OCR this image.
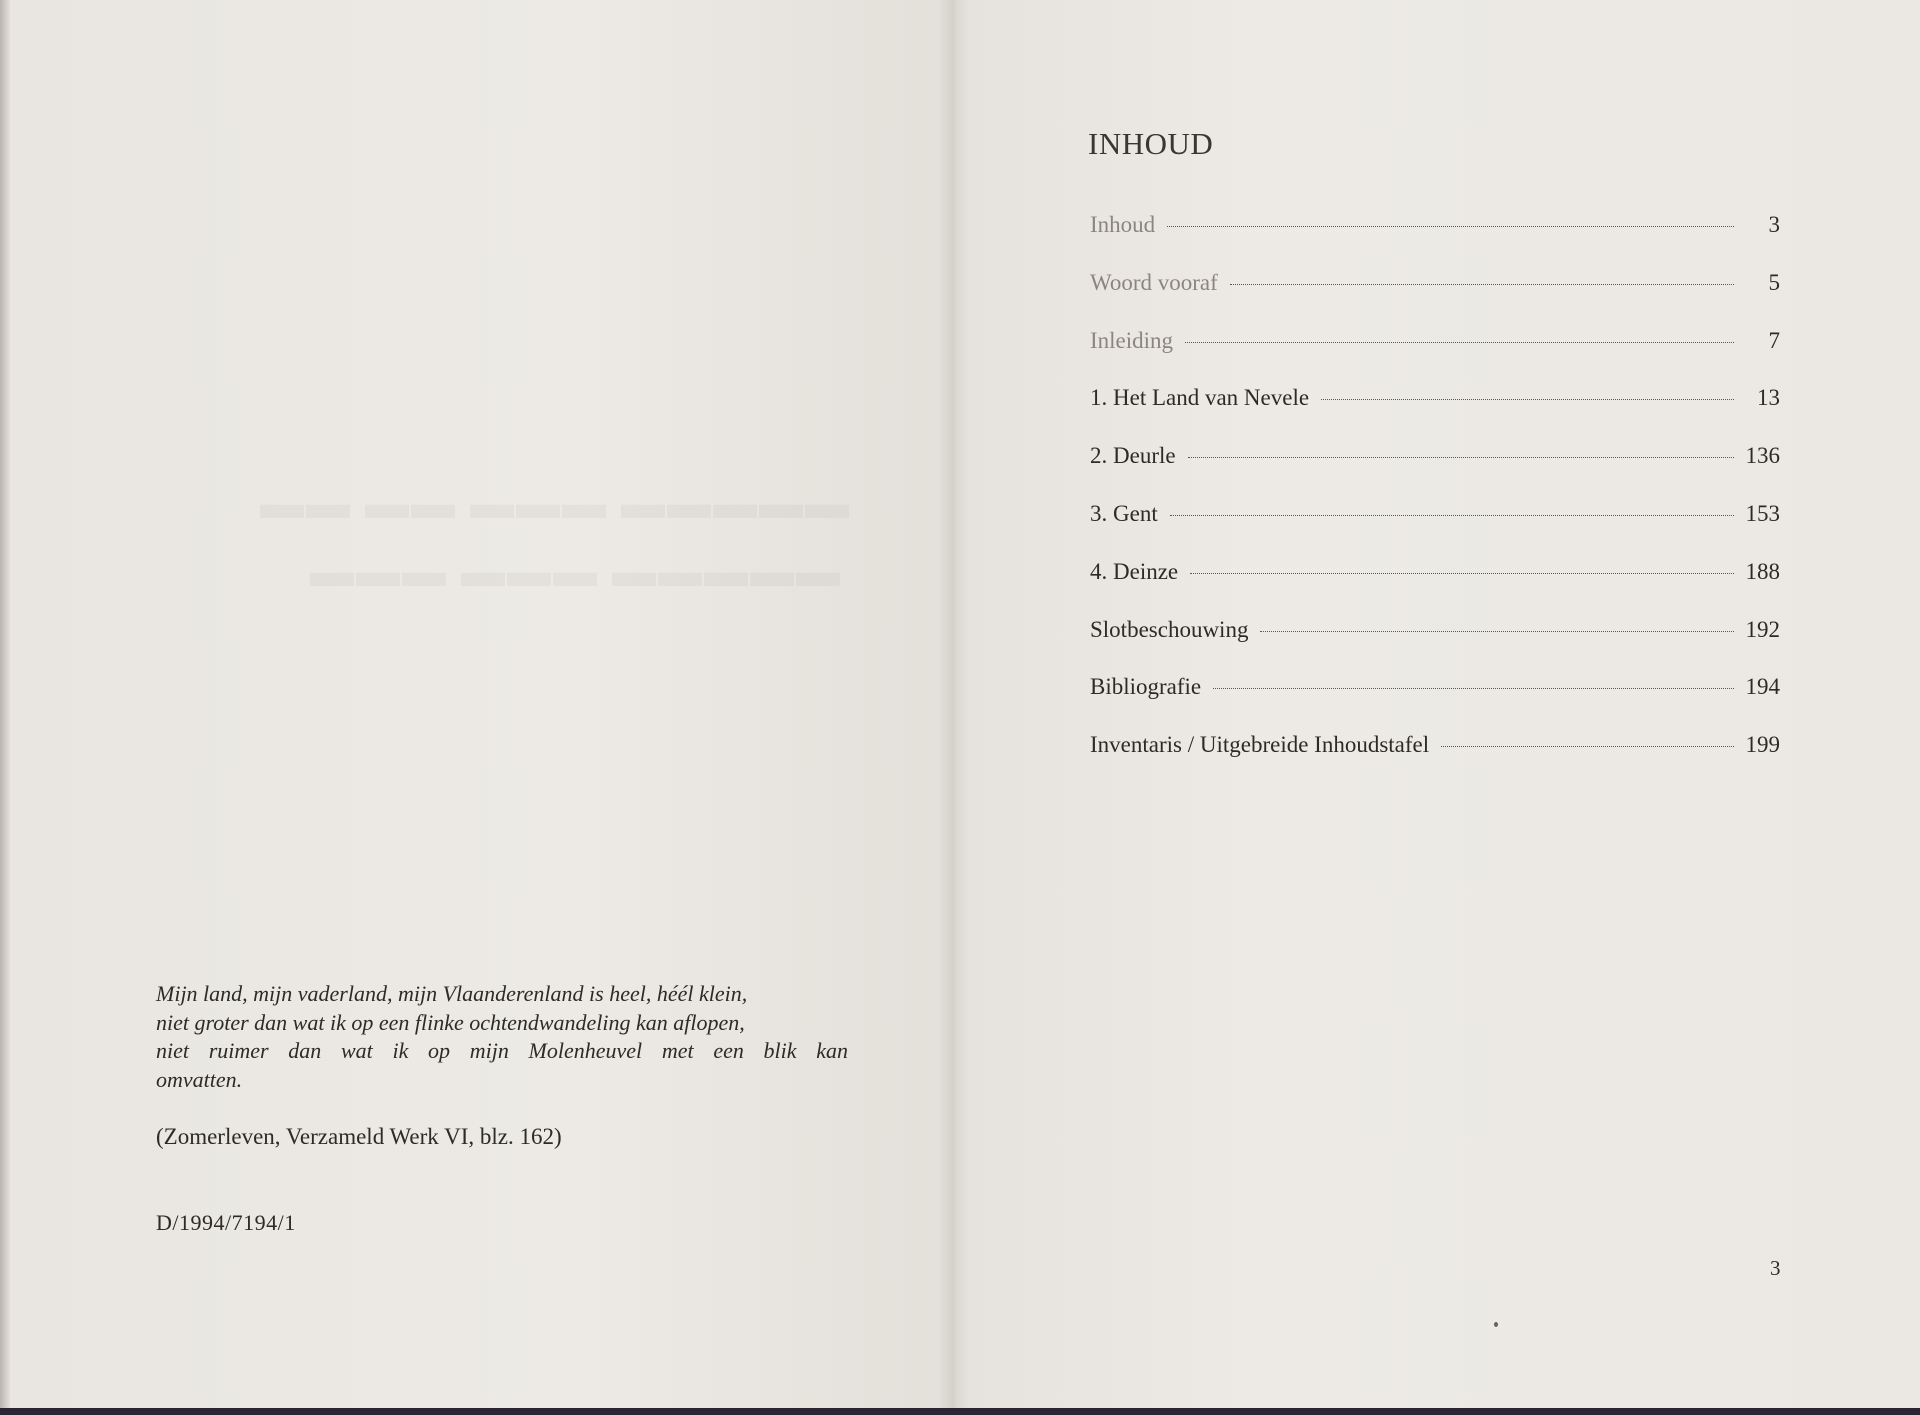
▬▬ ▬▬ ▬▬▬ ▬▬▬▬▬
▬▬▬ ▬▬▬ ▬▬▬▬▬

Mijn land, mijn vaderland, mijn Vlaanderenland is heel, héél klein,

niet groter dan wat ik op een flinke ochtendwandeling kan aflopen,

niet ruimer dan wat ik op mijn Molenheuvel met een blik kan

omvatten.

(Zomerleven, Verzameld Werk VI, blz. 162)
D/1994/7194/1
INHOUD
Inhoud	3
Woord vooraf	5
Inleiding	7
1. Het Land van Nevele	13
2. Deurle	136
3. Gent	153
4. Deinze	188
Slotbeschouwing	192
Bibliografie	194
Inventaris / Uitgebreide Inhoudstafel	199
3
